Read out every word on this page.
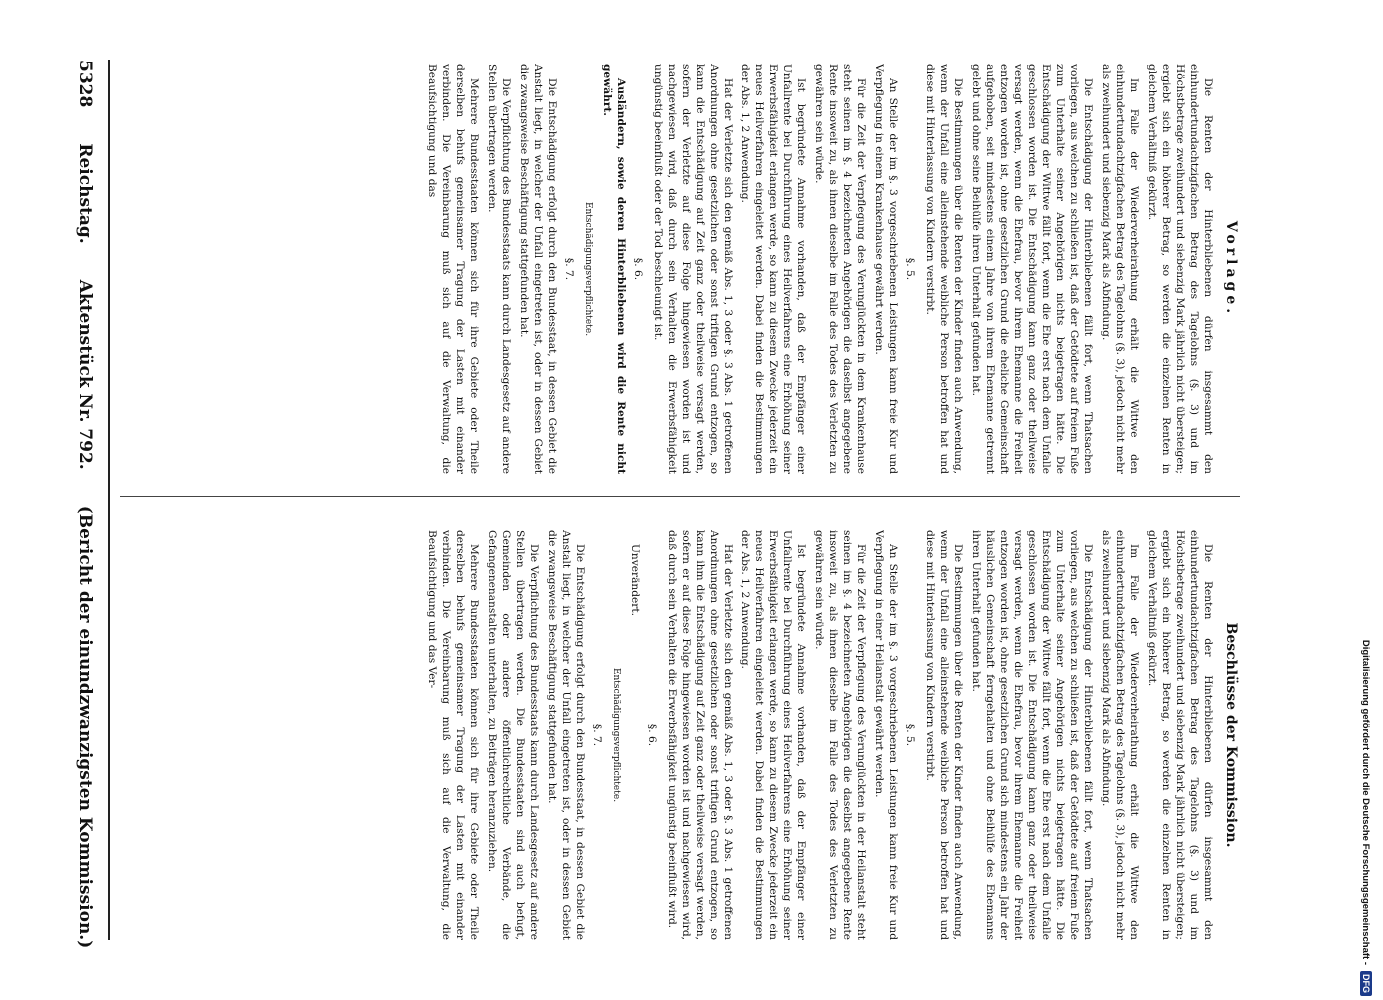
5328
Reichstag.
Aktenstück Nr. 792.
(Bericht der einundzwanzigsten Kommission.)
Vorlage.

Die Renten der Hinterbliebenen dürfen insgesammt den einhundertundachtzigfachen Betrag des Tagelohns (§. 3) und im Höchstbetrage zweihundert und siebenzig Mark jährlich nicht übersteigen; ergiebt sich ein höherer Betrag, so werden die einzelnen Renten in gleichem Verhältniß gekürzt.

Im Falle der Wiederverheirathung erhält die Wittwe den einhundertundachtzigfachen Betrag des Tagelohns (§. 3), jedoch nicht mehr als zweihundert und siebenzig Mark als Abfindung.

Die Entschädigung der Hinterbliebenen fällt fort, wenn Thatsachen vorliegen, aus welchen zu schließen ist, daß der Getödtete auf freiem Fuße zum Unterhalte seiner Angehörigen nichts beigetragen hätte. Die Entschädigung der Wittwe fällt fort, wenn die Ehe erst nach dem Unfalle geschlossen worden ist. Die Entschädigung kann ganz oder theilweise versagt werden, wenn die Ehefrau, bevor ihrem Ehemanne die Freiheit entzogen worden ist, ohne gesetzlichen Grund die eheliche Gemeinschaft aufgehoben, seit mindestens einem Jahre von ihrem Ehemanne getrennt gelebt und ohne seine Beihülfe ihren Unterhalt gefunden hat.

Die Bestimmungen über die Renten der Kinder finden auch Anwendung, wenn der Unfall eine alleinstehende weibliche Person betroffen hat und diese mit Hinterlassung von Kindern verstirbt.

§. 5.

An Stelle der im §. 3 vorgeschriebenen Leistungen kann freie Kur und Verpflegung in einem Krankenhause gewährt werden.

Für die Zeit der Verpflegung des Verunglückten in dem Krankenhause steht seinen im §. 4 bezeichneten Angehörigen die daselbst angegebene Rente insoweit zu, als ihnen dieselbe im Falle des Todes des Verletzten zu gewähren sein würde.

Ist begründete Annahme vorhanden, daß der Empfänger einer Unfallrente bei Durchführung eines Heilverfahrens eine Erhöhung seiner Erwerbsfähigkeit erlangen werde, so kann zu diesem Zwecke jederzeit ein neues Heilverfahren eingeleitet werden. Dabei finden die Bestimmungen der Abs. 1, 2 Anwendung.

Hat der Verletzte sich den gemäß Abs. 1, 3 oder §. 3 Abs. 1 getroffenen Anordnungen ohne gesetzlichen oder sonst triftigen Grund entzogen, so kann die Entschädigung auf Zeit ganz oder theilweise versagt werden, sofern der Verletzte auf diese Folge hingewiesen worden ist und nachgewiesen wird, daß durch sein Verhalten die Erwerbsfähigkeit ungünstig beeinflußt oder der Tod beschleunigt ist.

§. 6.

Ausländern, sowie deren Hinterbliebenen wird die Rente nicht gewährt.

Entschädigungsverpflichtete.

§. 7.

Die Entschädigung erfolgt durch den Bundesstaat, in dessen Gebiet die Anstalt liegt, in welcher der Unfall eingetreten ist, oder in dessen Gebiet die zwangsweise Beschäftigung stattgefunden hat.

Die Verpflichtung des Bundesstaats kann durch Landesgesetz auf andere Stellen übertragen werden.

Mehrere Bundesstaaten können sich für ihre Gebiete oder Theile derselben behufs gemeinsamer Tragung der Lasten mit einander verbinden. Die Vereinbarung muß sich auf die Verwaltung, die Beaufsichtigung und das

Beschlüsse der Kommission.

Die Renten der Hinterbliebenen dürfen insgesammt den einhundertundachtzigfachen Betrag des Tagelohns (§. 3) und im Höchstbetrage zweihundert und siebenzig Mark jährlich nicht übersteigen; ergiebt sich ein höherer Betrag, so werden die einzelnen Renten in gleichem Verhältniß gekürzt.

Im Falle der Wiederverheirathung erhält die Wittwe den einhundertundachtzigfachen Betrag des Tagelohns (§. 3), jedoch nicht mehr als zweihundert und siebenzig Mark als Abfindung.

Die Entschädigung der Hinterbliebenen fällt fort, wenn Thatsachen vorliegen, aus welchen zu schließen ist, daß der Getödtete auf freiem Fuße zum Unterhalte seiner Angehörigen nichts beigetragen hätte. Die Entschädigung der Wittwe fällt fort, wenn die Ehe erst nach dem Unfalle geschlossen worden ist. Die Entschädigung kann ganz oder theilweise versagt werden, wenn die Ehefrau, bevor ihrem Ehemanne die Freiheit entzogen worden ist, ohne gesetzlichen Grund sich mindestens ein Jahr der häuslichen Gemeinschaft ferngehalten und ohne Beihülfe des Ehemanns ihren Unterhalt gefunden hat.

Die Bestimmungen über die Renten der Kinder finden auch Anwendung, wenn der Unfall eine alleinstehende weibliche Person betroffen hat und diese mit Hinterlassung von Kindern verstirbt.

§. 5.

An Stelle der im §. 3 vorgeschriebenen Leistungen kann freie Kur und Verpflegung in einer Heilanstalt gewährt werden.

Für die Zeit der Verpflegung des Verunglückten in der Heilanstalt steht seinen im §. 4 bezeichneten Angehörigen die daselbst angegebene Rente insoweit zu, als ihnen dieselbe im Falle des Todes des Verletzten zu gewähren sein würde.

Ist begründete Annahme vorhanden, daß der Empfänger einer Unfallrente bei Durchführung eines Heilverfahrens eine Erhöhung seiner Erwerbsfähigkeit erlangen werde, so kann zu diesem Zwecke jederzeit ein neues Heilverfahren eingeleitet werden. Dabei finden die Bestimmungen der Abs. 1, 2 Anwendung.

Hat der Verletzte sich den gemäß Abs. 1, 3 oder §. 3 Abs. 1 getroffenen Anordnungen ohne gesetzlichen oder sonst triftigen Grund entzogen, so kann ihm die Entschädigung auf Zeit ganz oder theilweise versagt werden, sofern er auf diese Folge hingewiesen worden ist und nachgewiesen wird, daß durch sein Verhalten die Erwerbsfähigkeit ungünstig beeinflußt wird.

§. 6.

Unverändert.

Entschädigungsverpflichtete.

§. 7.

Die Entschädigung erfolgt durch den Bundesstaat, in dessen Gebiet die Anstalt liegt, in welcher der Unfall eingetreten ist, oder in dessen Gebiet die zwangsweise Beschäftigung stattgefunden hat.

Die Verpflichtung des Bundesstaats kann durch Landesgesetz auf andere Stellen übertragen werden. Die Bundesstaaten sind auch befugt, Gemeinden oder andere öffentlichrechtliche Verbände, die Gefangenenanstalten unterhalten, zu Beiträgen heranzuziehen.

Mehrere Bundesstaaten können sich für ihre Gebiete oder Theile derselben behufs gemeinsamer Tragung der Lasten mit einander verbinden. Die Vereinbarung muß sich auf die Verwaltung, die Beaufsichtigung und das Ver-

Digitalisierung gefördert durch die Deutsche Forschungsgemeinschaft -
DFG
